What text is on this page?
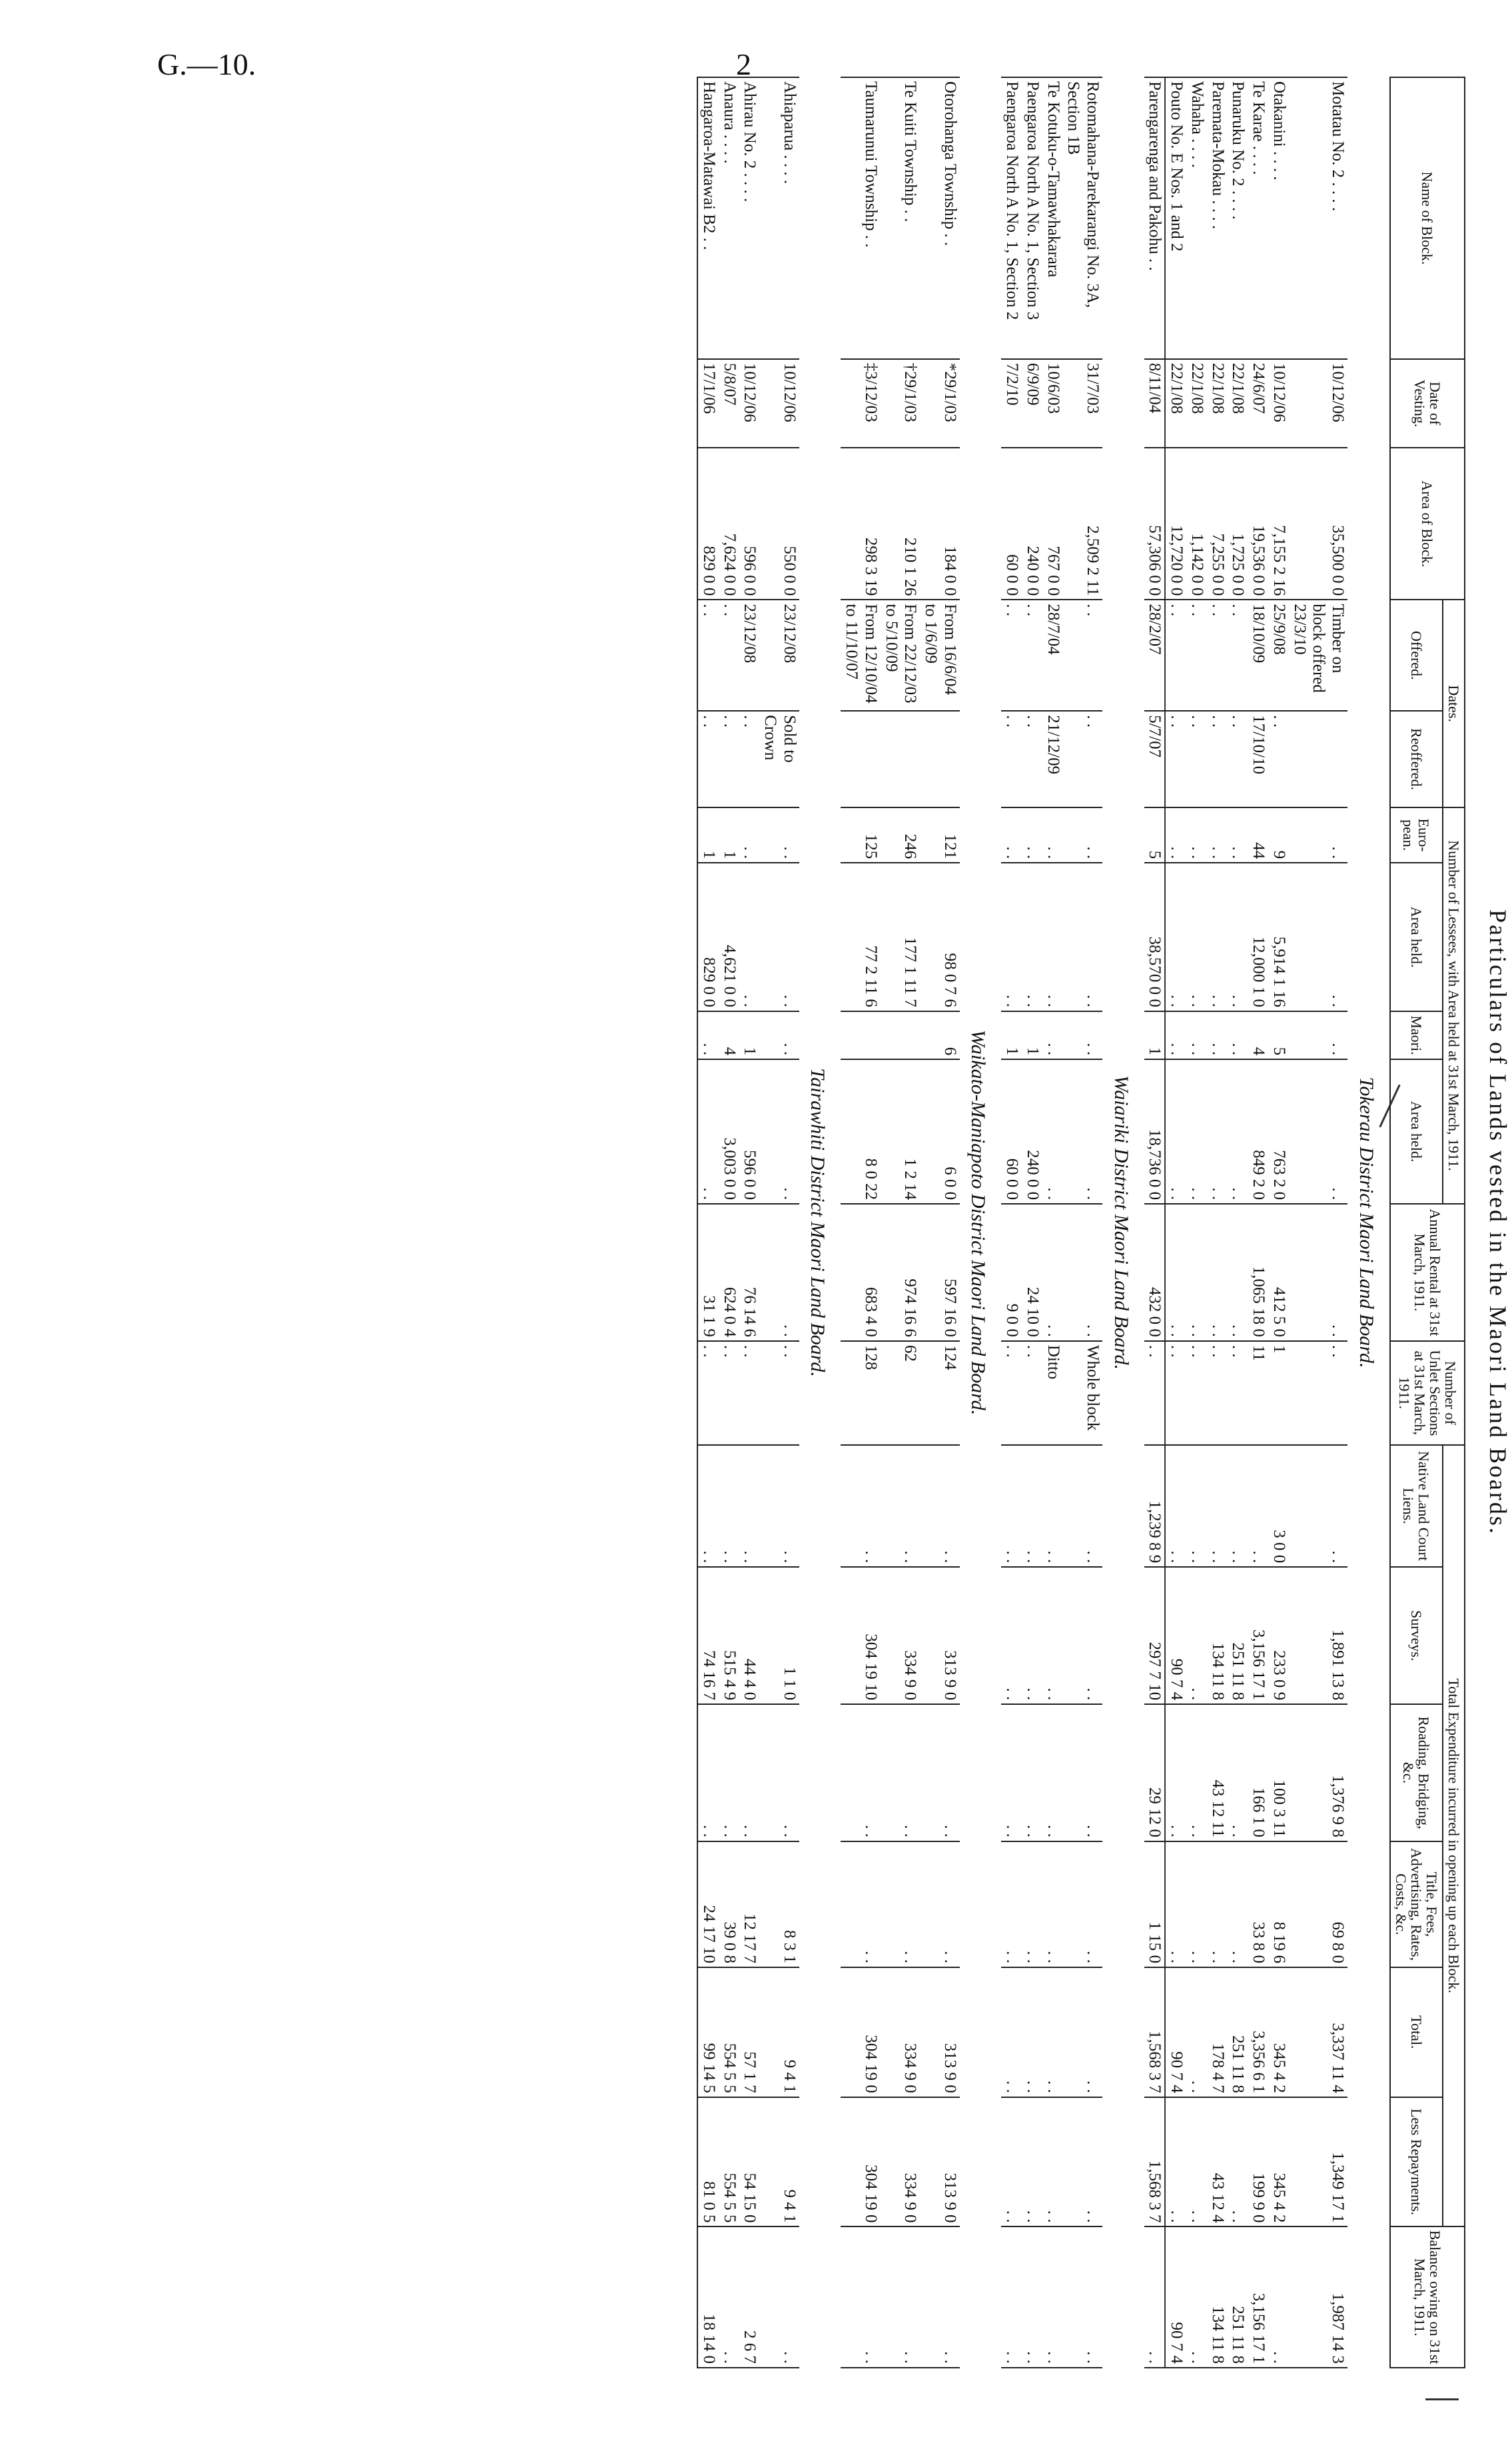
G.—10.	2
Particulars of Lands vested in the Maori Land Boards.
Name of Block.	Date of Vesting.	Area of Block.	Dates.		Number of Lessees, with Area held at 31st March, 1911.				Annual Rental at 31st March, 1911.	Number of Unlet Sections at 31st March, 1911.	Total Expenditure incurred in opening up each Block.						Balance owing on 31st March, 1911.
			Offered.	Reoffered.	Euro-pean.	Area held.	Maori.	Area held.			Native Land Court Liens.	Surveys.	Roading, Bridging, &c.	Title, Fees, Advertising, Rates, Costs, &c.	Total.	Less Repayments.	
Tokerau District Maori Land Board.																	
Motatau No. 2 . . . .	10/12/06	35,500 0 0	Timber on block offered 23/3/10		. .	. .	. .	. .	. .	. .	. .	1,891 13 8	1,376 9 8	69 8 0	3,337 11 4	1,349 17 1	1,987 14 3
Otakanini . . . .	10/12/06	7,155 2 16	25/9/08	. .	9	5,914 1 16	5	763 2 0	412 5 0	1	3 0 0	233 0 9	100 3 11	8 19 6	345 4 2	345 4 2	. .
Te Karae . . . .	24/6/07	19,536 0 0	18/10/09	17/10/10	44	12,000 1 0	4	849 2 0	1,065 18 0	11	. .	3,156 17 1	166 1 0	33 8 0	3,356 6 1	199 9 0	3,156 17 1
Punaruku No. 2 . . . .	22/1/08	1,725 0 0	. .	. .	. .	. .	. .	. .	. .	. .	. .	251 11 8	. .	. .	251 11 8	. .	251 11 8
Paremata-Mokau . . . .	22/1/08	7,255 0 0	. .	. .	. .	. .	. .	. .	. .	. .	. .	134 11 8	43 12 11	. .	178 4 7	43 12 4	134 11 8
Wahaha . . . .	22/1/08	1,142 0 0	. .	. .	. .	. .	. .	. .	. .	. .	. .	. .	. .	. .	. .	. .	. .
Pouto No. E Nos. 1 and 2	22/1/08	12,720 0 0	. .	. .	. .	. .	. .	. .	. .	. .	. .	90 7 4	. .	. .	90 7 4	. .	90 7 4
Parengarenga and Pakohu . .	8/11/04	57,306 0 0	28/2/07	5/7/07	5	38,570 0 0	1	18,736 0 0	432 0 0	. .	1,239 8 9	297 7 10	29 12 0	1 15 0	1,568 3 7	1,568 3 7	. .
Waiariki District Maori Land Board.																	
Rotomahana-Parekarangi No. 3A, Section 1B	31/7/03	2,509 2 11	. .	. .	. .	. .	. .	. .	. .	Whole block	. .	. .	. .	. .	. .	. .	. .
Te Kotuku-o-Tamawhakarara	10/6/03	767 0 0	28/7/04	21/12/09	. .	. .	. .	. .	. .	Ditto	. .	. .	. .	. .	. .	. .	. .
Paengaroa North A No. 1, Section 3	6/9/09	240 0 0	. .	. .	. .	. .	1	240 0 0	24 10 0	. .	. .	. .	. .	. .	. .	. .	. .
Paengaroa North A No. 1, Section 2	7/2/10	60 0 0	. .	. .	. .	. .	1	60 0 0	9 0 0	. .	. .	. .	. .	. .	. .	. .	. .
Waikato-Maniapoto District Maori Land Board.																	
Otorohanga Township . .	*29/1/03	184 0 0	From 16/6/04 to 1/6/09		121	98 0 7 6	6	6 0 0	597 16 0	124	. .	313 9 0	. .	. .	313 9 0	313 9 0	. .
Te Kuiti Township . .	†29/1/03	210 1 26	From 22/12/03 to 5/10/09		246	177 1 11 7		1 2 14	974 16 6	62	. .	334 9 0	. .	. .	334 9 0	334 9 0	. .
Taumarunui Township . .	‡3/12/03	298 3 19	From 12/10/04 to 11/10/07		125	77 2 11 6		8 0 22	683 4 0	128	. .	304 19 10	. .	. .	304 19 0	304 19 0	. .
Tairawhiti District Maori Land Board.																	
Ahiaparua . . . .	10/12/06	550 0 0	23/12/08	Sold to Crown	. .	. .	. .	. .	. .	. .	. .	1 1 0	. .	8 3 1	9 4 1	9 4 1	. .
Ahirau No. 2 . . . .	10/12/06	596 0 0	23/12/08	. .	. .	. .	1	596 0 0	76 14 6	. .	. .	44 4 0	. .	12 17 7	57 1 7	54 15 0	2 6 7
Anaura . . . .	5/8/07	7,624 0 0	. .	. .	1	4,621 0 0	4	3,003 0 0	624 0 4	. .	. .	515 4 9	. .	39 0 8	554 5 5	554 5 5	. .
Hangaroa-Matawai B2 . .	17/1/06	829 0 0	. .	. .	1	829 0 0	. .	. .	31 1 9	. .	. .	74 16 7	. .	24 17 10	99 14 5	81 0 5	18 14 0
